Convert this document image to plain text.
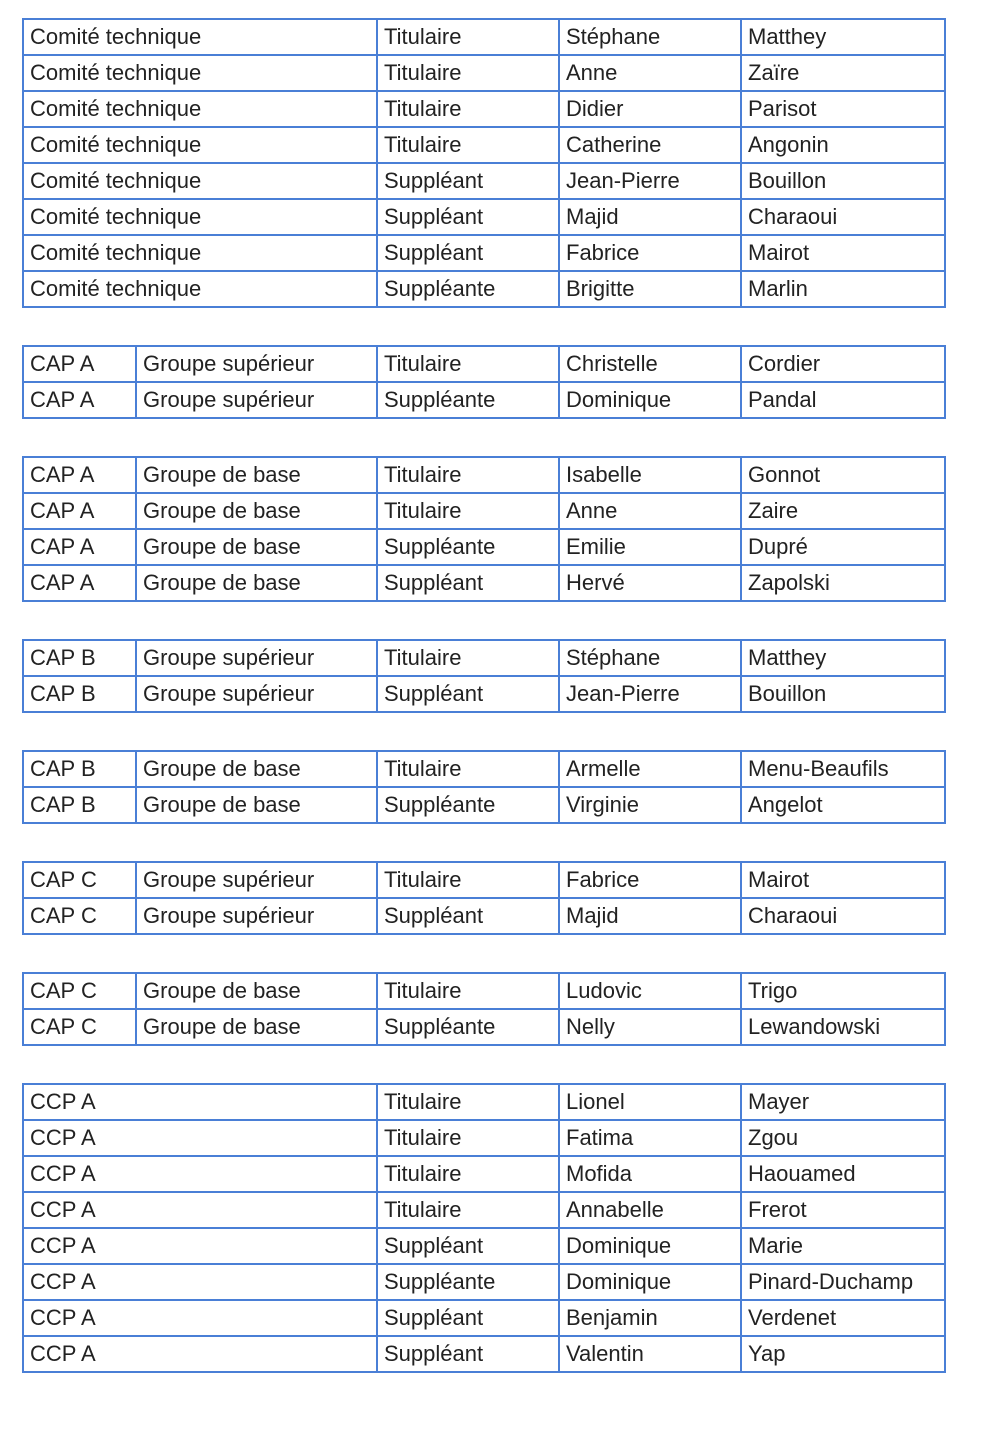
Comité technique	Titulaire	Stéphane	Matthey
Comité technique	Titulaire	Anne	Zaïre
Comité technique	Titulaire	Didier	Parisot
Comité technique	Titulaire	Catherine	Angonin
Comité technique	Suppléant	Jean-Pierre	Bouillon
Comité technique	Suppléant	Majid	Charaoui
Comité technique	Suppléant	Fabrice	Mairot
Comité technique	Suppléante	Brigitte	Marlin
CAP A	Groupe supérieur	Titulaire	Christelle	Cordier
CAP A	Groupe supérieur	Suppléante	Dominique	Pandal
CAP A	Groupe de base	Titulaire	Isabelle	Gonnot
CAP A	Groupe de base	Titulaire	Anne	Zaire
CAP A	Groupe de base	Suppléante	Emilie	Dupré
CAP A	Groupe de base	Suppléant	Hervé	Zapolski
CAP B	Groupe supérieur	Titulaire	Stéphane	Matthey
CAP B	Groupe supérieur	Suppléant	Jean-Pierre	Bouillon
CAP B	Groupe de base	Titulaire	Armelle	Menu-Beaufils
CAP B	Groupe de base	Suppléante	Virginie	Angelot
CAP C	Groupe supérieur	Titulaire	Fabrice	Mairot
CAP C	Groupe supérieur	Suppléant	Majid	Charaoui
CAP C	Groupe de base	Titulaire	Ludovic	Trigo
CAP C	Groupe de base	Suppléante	Nelly	Lewandowski
CCP A	Titulaire	Lionel	Mayer
CCP A	Titulaire	Fatima	Zgou
CCP A	Titulaire	Mofida	Haouamed
CCP A	Titulaire	Annabelle	Frerot
CCP A	Suppléant	Dominique	Marie
CCP A	Suppléante	Dominique	Pinard-Duchamp
CCP A	Suppléant	Benjamin	Verdenet
CCP A	Suppléant	Valentin	Yap
